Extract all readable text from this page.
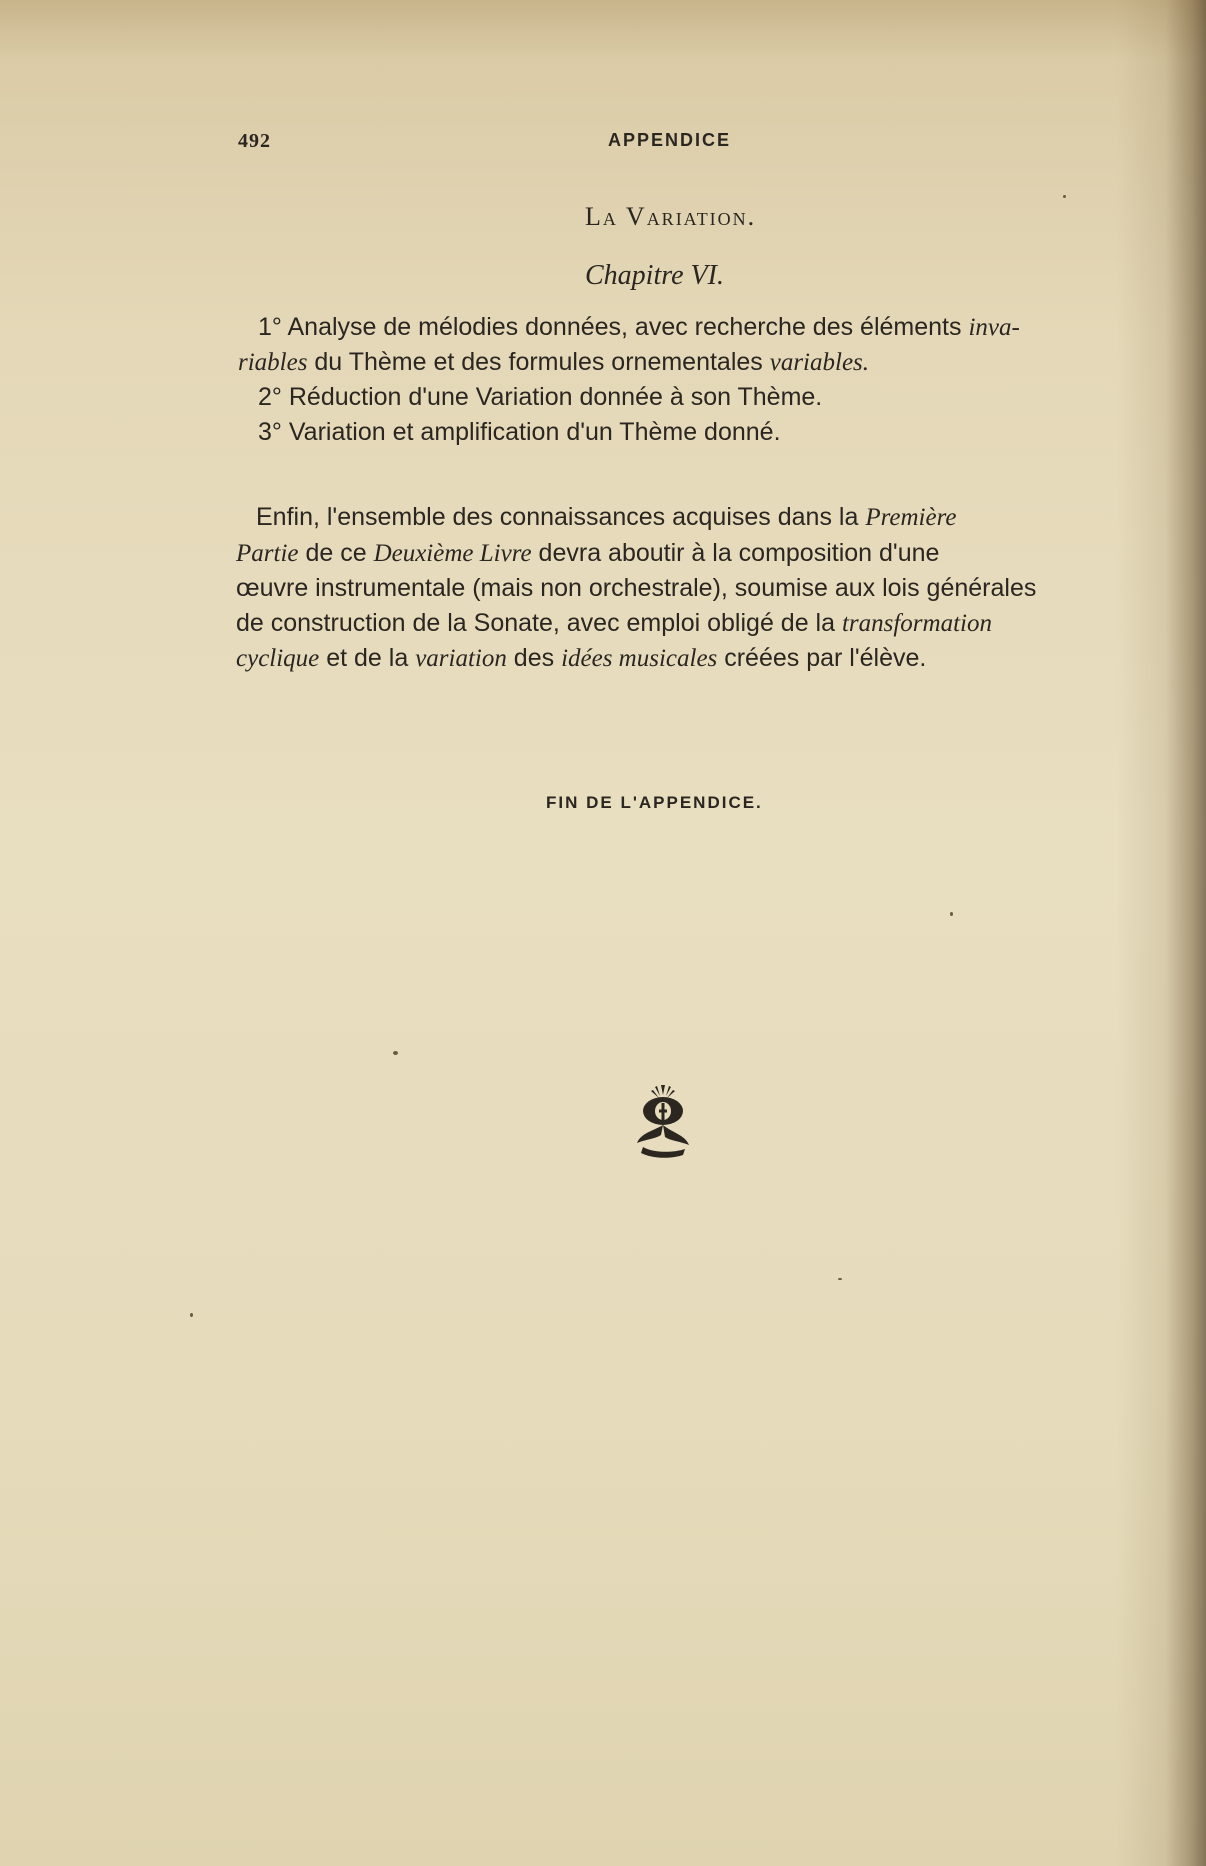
492	APPENDICE
La Variation.
Chapitre VI.
1° Analyse de mélodies données, avec recherche des éléments inva-
riables du Thème et des formules ornementales variables.
2° Réduction d'une Variation donnée à son Thème.
3° Variation et amplification d'un Thème donné.
Enfin, l'ensemble des connaissances acquises dans la Première
Partie de ce Deuxième Livre devra aboutir à la composition d'une
œuvre instrumentale (mais non orchestrale), soumise aux lois générales
de construction de la Sonate, avec emploi obligé de la transformation
cyclique et de la variation des idées musicales créées par l'élève.
FIN DE L'APPENDICE.
